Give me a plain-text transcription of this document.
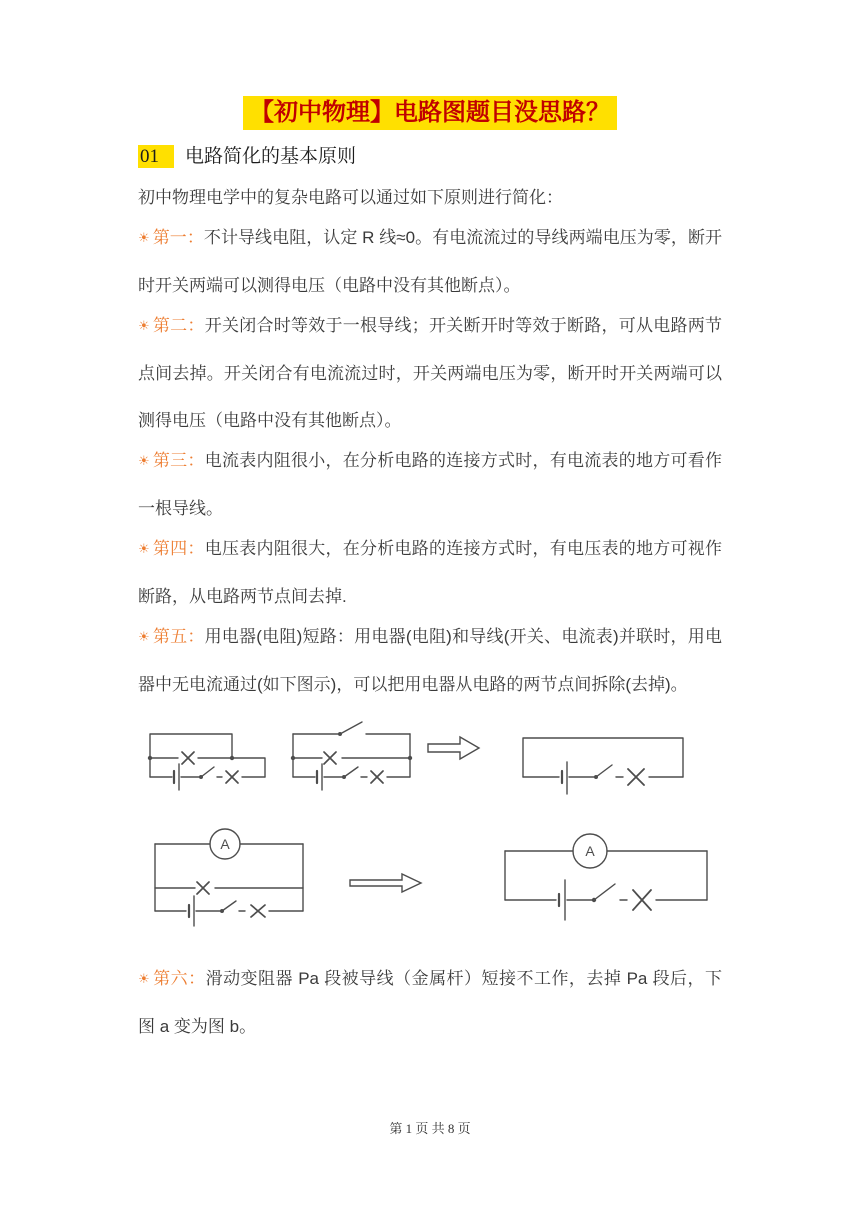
【初中物理】电路图题目没思路？
01 电路简化的基本原则

初中物理电学中的复杂电路可以通过如下原则进行简化：

☀ 第一：不计导线电阻，认定 R 线≈0。有电流流过的导线两端电压为零，断开时开关两端可以测得电压（电路中没有其他断点）。

☀ 第二：开关闭合时等效于一根导线；开关断开时等效于断路，可从电路两节点间去掉。开关闭合有电流流过时，开关两端电压为零，断开时开关两端可以测得电压（电路中没有其他断点）。

☀ 第三：电流表内阻很小，在分析电路的连接方式时，有电流表的地方可看作一根导线。

☀ 第四：电压表内阻很大，在分析电路的连接方式时，有电压表的地方可视作断路，从电路两节点间去掉.

☀ 第五：用电器(电阻)短路：用电器(电阻)和导线(开关、电流表)并联时，用电器中无电流通过(如下图示)，可以把用电器从电路的两节点间拆除(去掉)。

A	A

☀ 第六：滑动变阻器 Pa 段被导线（金属杆）短接不工作，去掉 Pa 段后，下图 a 变为图 b。

第 1 页 共 8 页
